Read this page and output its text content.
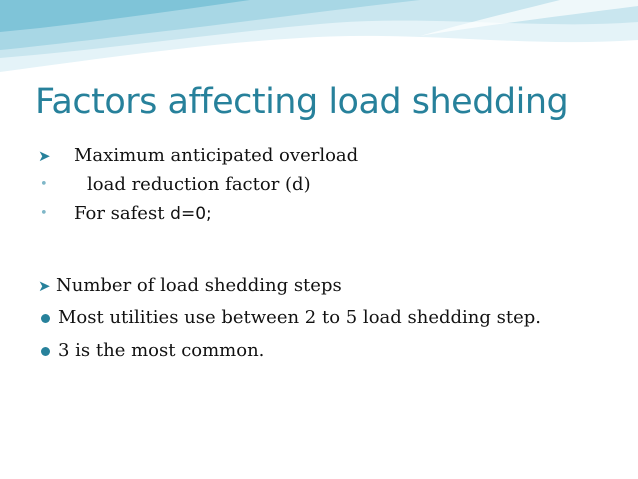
Factors affecting load shedding
➤ Maximum anticipated overload
• load reduction factor (d)
• For safest d=0;
➤ Number of load shedding steps
Most utilities use between 2 to 5 load shedding step.
3 is the most common.
